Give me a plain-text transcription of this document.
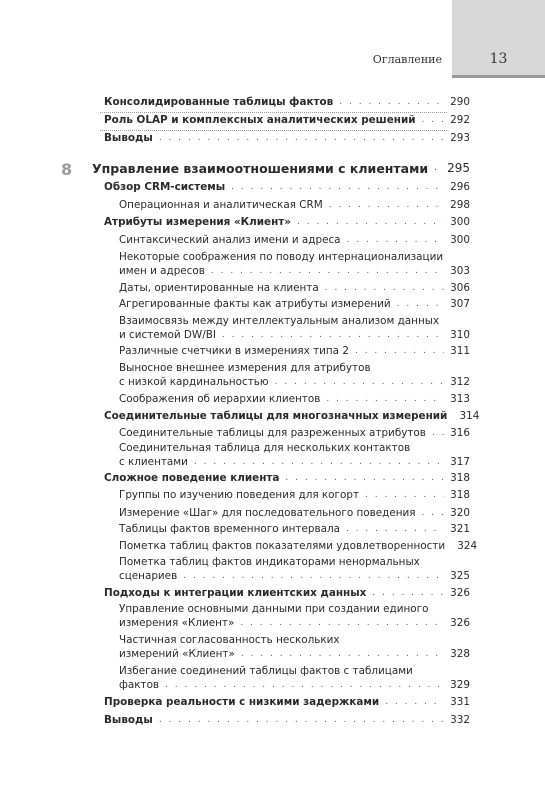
Оглавление	13
Консолидированные таблицы фактов . . .	290
Роль OLAP и комплексных аналитических решений . . .	292
Выводы . . .	293
8 Управление взаимоотношениями с клиентами . . . 295
Обзор CRM-системы . . .	296
Операционная и аналитическая CRM . . .	298
Атрибуты измерения «Клиент» . . .	300
Синтаксический анализ имени и адреса . . .	300
Некоторые соображения по поводу интернационализации
имен и адресов . . .	303
Даты, ориентированные на клиента . . .	306
Агрегированные факты как атрибуты измерений . . .	307
Взаимосвязь между интеллектуальным анализом данных
и системой DW/BI . . .	310
Различные счетчики в измерениях типа 2 . . .	311
Выносное внешнее измерения для атрибутов
с низкой кардинальностью . . .	312
Соображения об иерархии клиентов . . .	313
Соединительные таблицы для многозначных измерений 314
Соединительные таблицы для разреженных атрибутов . . . 316
Соединительная таблица для нескольких контактов
с клиентами . . .	317
Сложное поведение клиента . . .	318
Группы по изучению поведения для когорт . . .	318
Измерение «Шаг» для последовательного поведения . . .	320
Таблицы фактов временного интервала . . .	321
Пометка таблиц фактов показателями удовлетворенности 324
Пометка таблиц фактов индикаторами ненормальных
сценариев . . .	325
Подходы к интеграции клиентских данных . . .	326
Управление основными данными при создании единого
измерения «Клиент» . . .	326
Частичная согласованность нескольких
измерений «Клиент» . . .	328
Избегание соединений таблицы фактов с таблицами
фактов . . .	329
Проверка реальности с низкими задержками . . .	331
Выводы . . .	332
